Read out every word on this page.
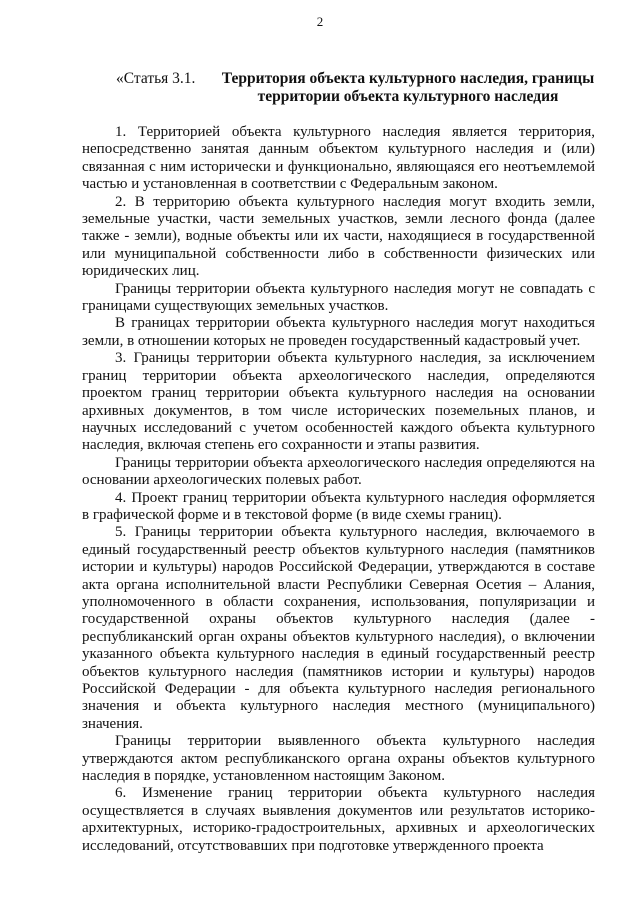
2
«Статья 3.1. Территория объекта культурного наследия, границы территории объекта культурного наследия

1. Территорией объекта культурного наследия является территория, непосредственно занятая данным объектом культурного наследия и (или) связанная с ним исторически и функционально, являющаяся его неотъемлемой частью и установленная в соответствии с Федеральным законом.

2. В территорию объекта культурного наследия могут входить земли, земельные участки, части земельных участков, земли лесного фонда (далее также - земли), водные объекты или их части, находящиеся в государственной или муниципальной собственности либо в собственности физических или юридических лиц.

Границы территории объекта культурного наследия могут не совпадать с границами существующих земельных участков.

В границах территории объекта культурного наследия могут находиться земли, в отношении которых не проведен государственный кадастровый учет.

3. Границы территории объекта культурного наследия, за исключением границ территории объекта археологического наследия, определяются проектом границ территории объекта культурного наследия на основании архивных документов, в том числе исторических поземельных планов, и научных исследований с учетом особенностей каждого объекта культурного наследия, включая степень его сохранности и этапы развития.

Границы территории объекта археологического наследия определяются на основании археологических полевых работ.

4. Проект границ территории объекта культурного наследия оформляется в графической форме и в текстовой форме (в виде схемы границ).

5. Границы территории объекта культурного наследия, включаемого в единый государственный реестр объектов культурного наследия (памятников истории и культуры) народов Российской Федерации, утверждаются в составе акта органа исполнительной власти Республики Северная Осетия – Алания, уполномоченного в области сохранения, использования, популяризации и государственной охраны объектов культурного наследия (далее - республиканский орган охраны объектов культурного наследия), о включении указанного объекта культурного наследия в единый государственный реестр объектов культурного наследия (памятников истории и культуры) народов Российской Федерации - для объекта культурного наследия регионального значения и объекта культурного наследия местного (муниципального) значения.

Границы территории выявленного объекта культурного наследия утверждаются актом республиканского органа охраны объектов культурного наследия в порядке, установленном настоящим Законом.

6. Изменение границ территории объекта культурного наследия осуществляется в случаях выявления документов или результатов историко-архитектурных, историко-градостроительных, архивных и археологических исследований, отсутствовавших при подготовке утвержденного проекта
